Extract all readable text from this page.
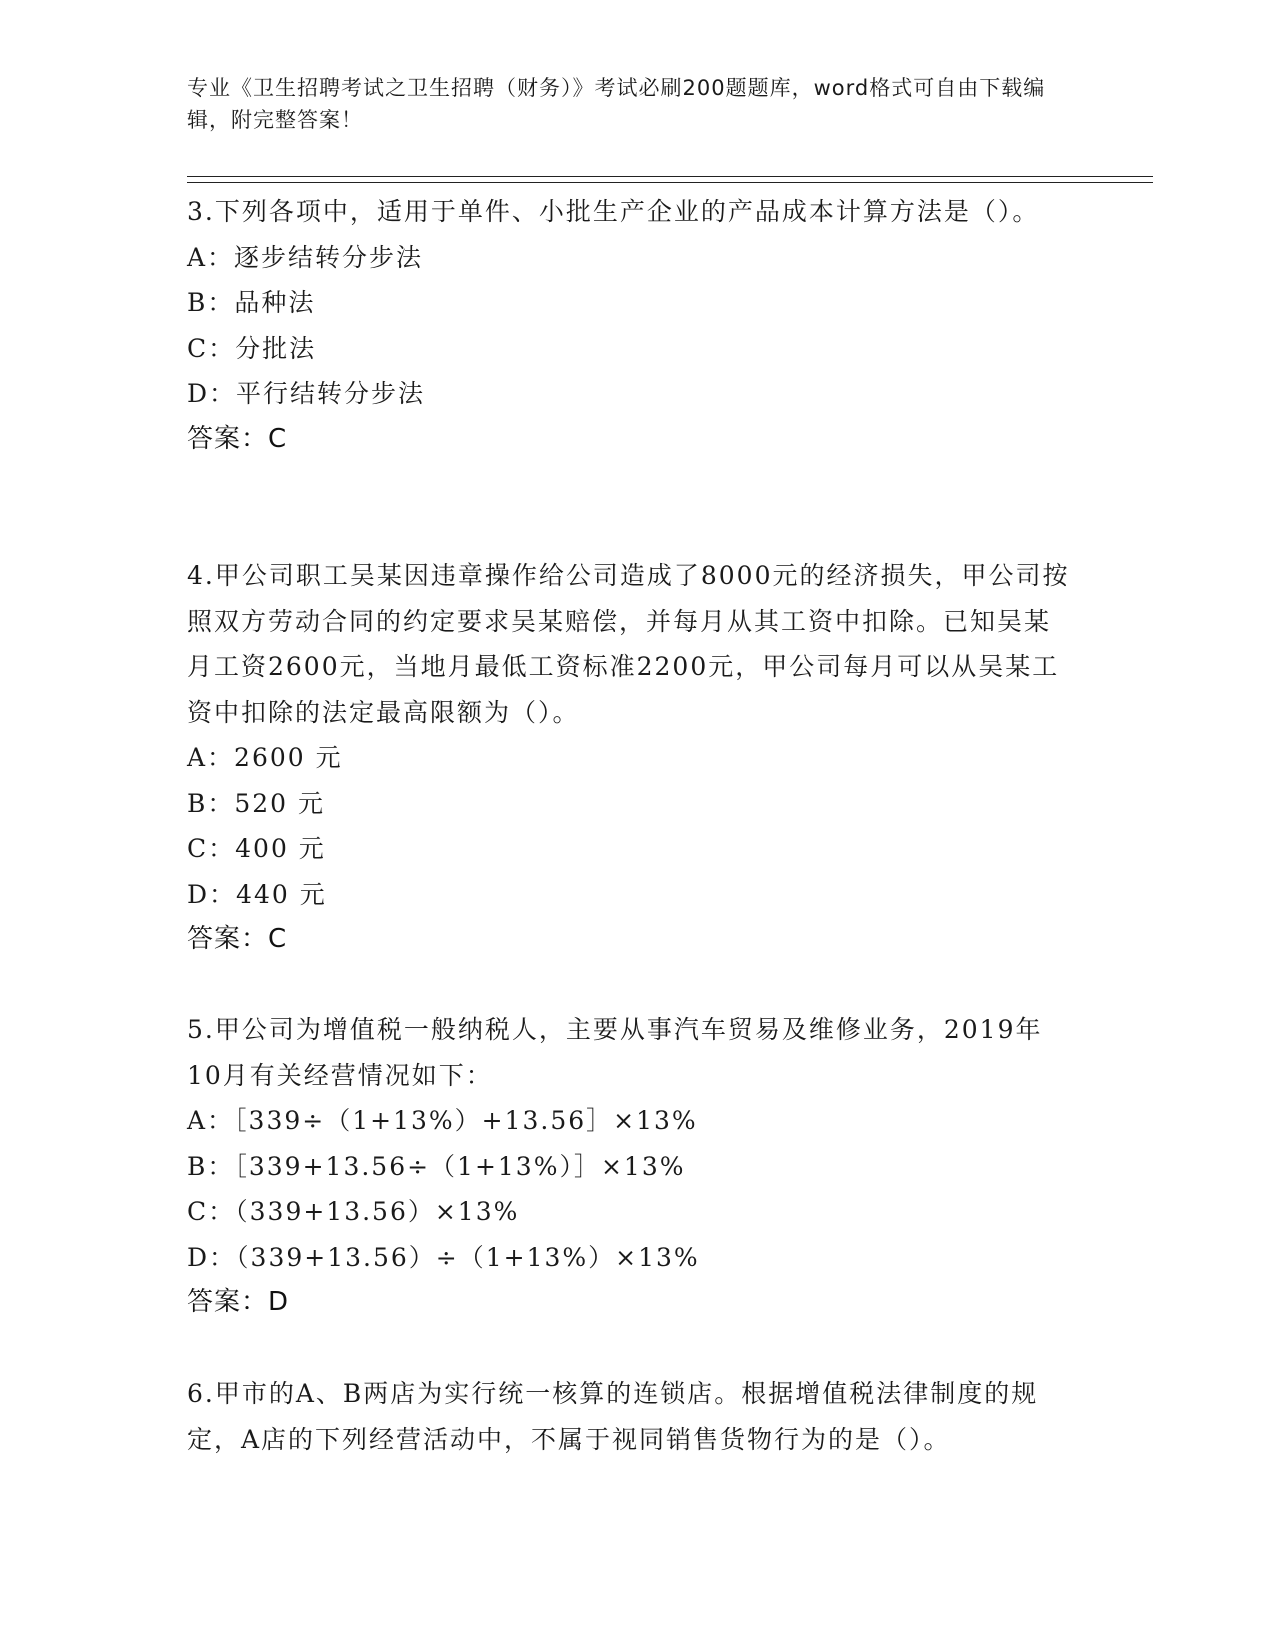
专业《卫生招聘考试之卫生招聘（财务）》考试必刷200题题库，word格式可自由下载编辑，附完整答案！

3.下列各项中，适用于单件、小批生产企业的产品成本计算方法是（）。

A：逐步结转分步法
B：品种法
C：分批法
D：平行结转分步法
答案：C

4.甲公司职工吴某因违章操作给公司造成了8000元的经济损失，甲公司按照双方劳动合同的约定要求吴某赔偿，并每月从其工资中扣除。已知吴某月工资2600元，当地月最低工资标准2200元，甲公司每月可以从吴某工资中扣除的法定最高限额为（）。

A：2600 元
B：520 元
C：400 元
D：440 元
答案：C

5.甲公司为增值税一般纳税人，主要从事汽车贸易及维修业务，2019年10月有关经营情况如下：

A：［339÷（1+13%）+13.56］×13%
B：［339+13.56÷（1+13%）］×13%
C：（339+13.56）×13%
D：（339+13.56）÷（1+13%）×13%
答案：D

6.甲市的A、B两店为实行统一核算的连锁店。根据增值税法律制度的规定，A店的下列经营活动中，不属于视同销售货物行为的是（）。
